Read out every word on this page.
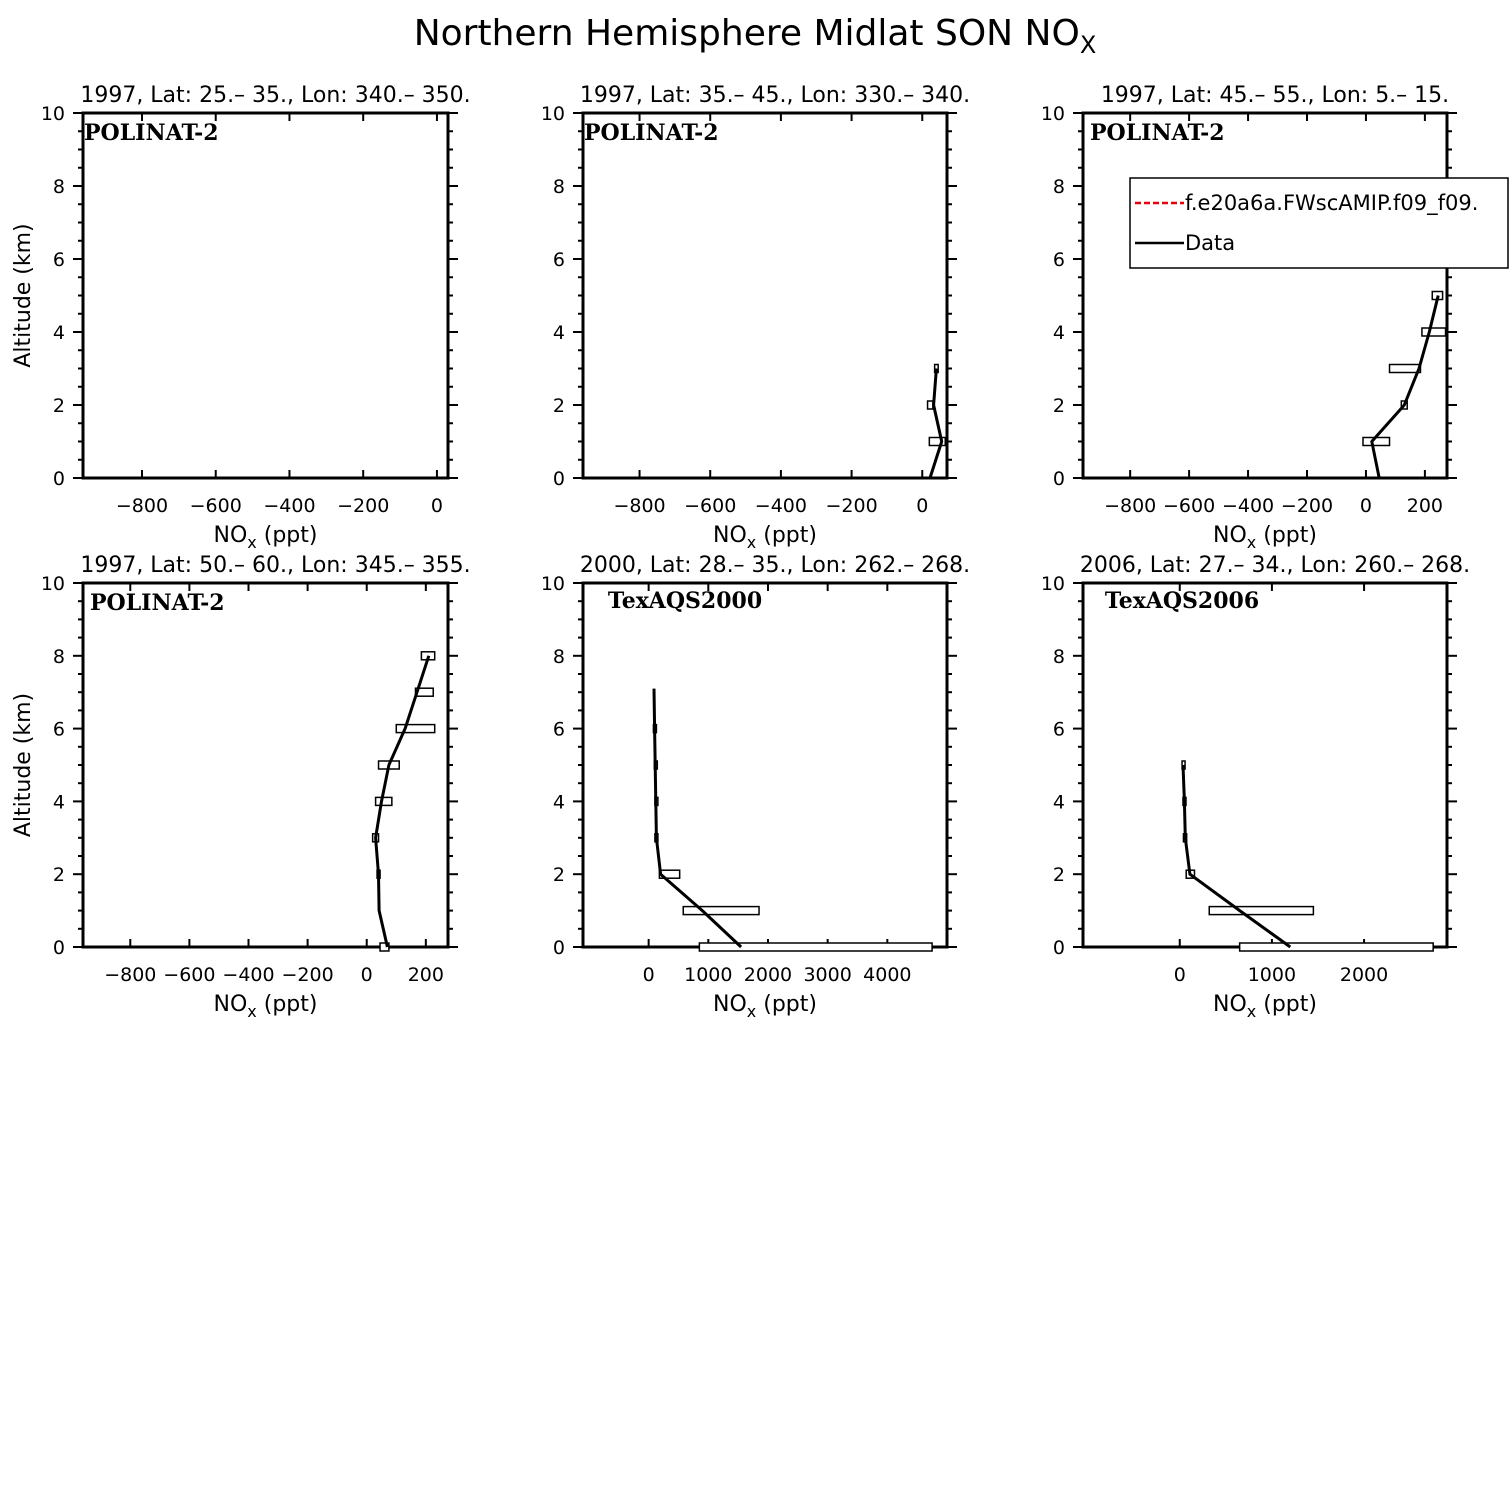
Northern Hemisphere Midlat SON $NO_X$
0
2
4
6
8
10
−800 −600 −400 −200 0
1997, Lat: 25.– 35., Lon: 340.– 350.
POLINAT-2
$NO_x$ (ppt)
Altitude (km)
0
2
4
6
8
10
−800 −600 −400 −200 0
1997, Lat: 35.– 45., Lon: 330.– 340.
POLINAT-2
$NO_x$ (ppt)
0
2
4
6
8
10
−800 −600 −400 −200 0 200
1997, Lat: 45.– 55., Lon: 5.– 15.
POLINAT-2
$NO_x$ (ppt)
0
2
4
6
8
10
−800 −600 −400 −200 0 200
1997, Lat: 50.– 60., Lon: 345.– 355.
POLINAT-2
$NO_x$ (ppt)
Altitude (km)
0
2
4
6
8
10
0 1000 2000 3000 4000
2000, Lat: 28.– 35., Lon: 262.– 268.
TexAQS2000
$NO_x$ (ppt)
0
2
4
6
8
10
0	1000 2000
2006, Lat: 27.– 34., Lon: 260.– 268.
TexAQS2006
$NO_x$ (ppt)
f.e20a6a.FWscAMIP.f09_f09.
Data
